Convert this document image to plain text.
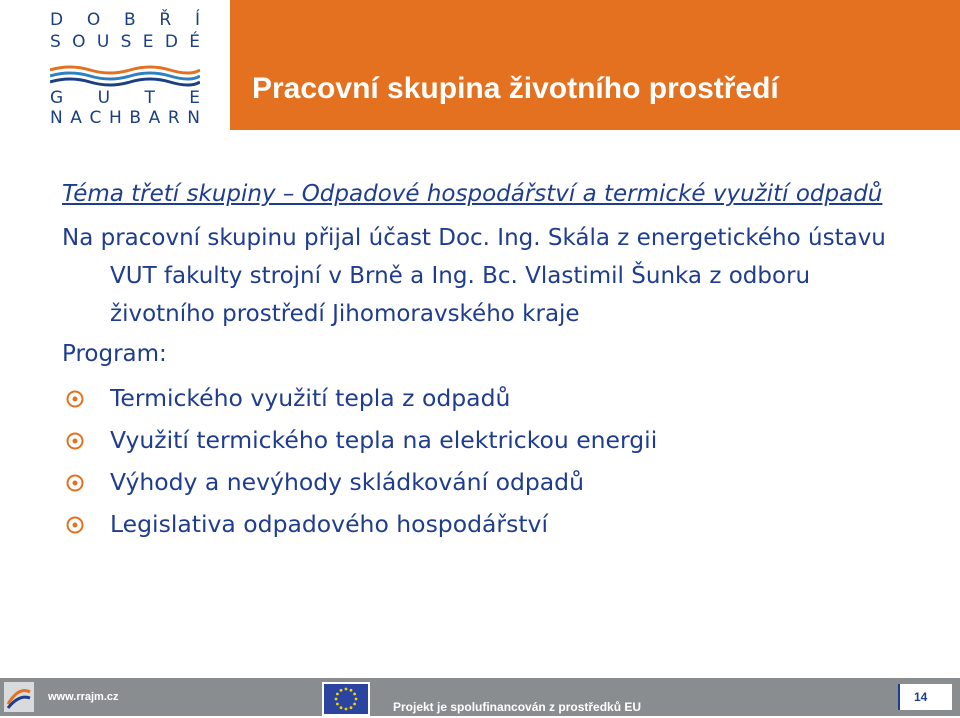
D O B Ř Í
S O U S E D É
G U T E
N A C H B A R N
Pracovní skupina životního prostředí
Téma třetí skupiny – Odpadové hospodářství a termické využití odpadů
Na pracovní skupinu přijal účast Doc. Ing. Skála z energetického ústavu VUT fakulty strojní v Brně a Ing. Bc. Vlastimil Šunka z odboru životního prostředí Jihomoravského kraje
Program:
Termického využití tepla z odpadů
Využití termického tepla na elektrickou energii
Výhody a nevýhody skládkování odpadů
Legislativa odpadového hospodářství
www.rrajm.cz
Projekt je spolufinancován z prostředků EU
14
